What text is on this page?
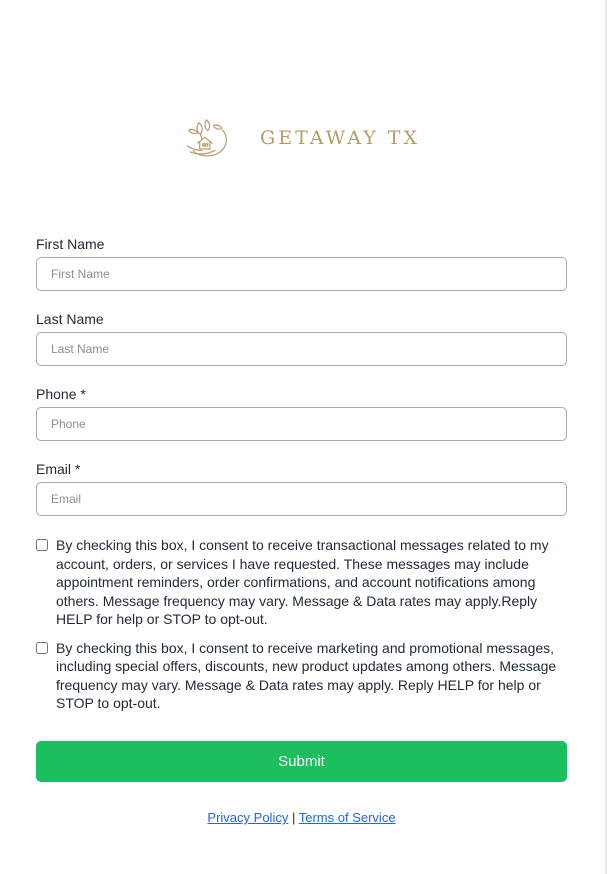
GETAWAY TX
First Name
First Name
Last Name
Last Name
Phone *
Phone
Email *
Email
By checking this box, I consent to receive transactional messages related to my account, orders, or services I have requested. These messages may include appointment reminders, order confirmations, and account notifications among others. Message frequency may vary. Message & Data rates may apply.Reply HELP for help or STOP to opt-out.
By checking this box, I consent to receive marketing and promotional messages, including special offers, discounts, new product updates among others. Message frequency may vary. Message & Data rates may apply. Reply HELP for help or STOP to opt-out.
Submit
Privacy Policy | Terms of Service
